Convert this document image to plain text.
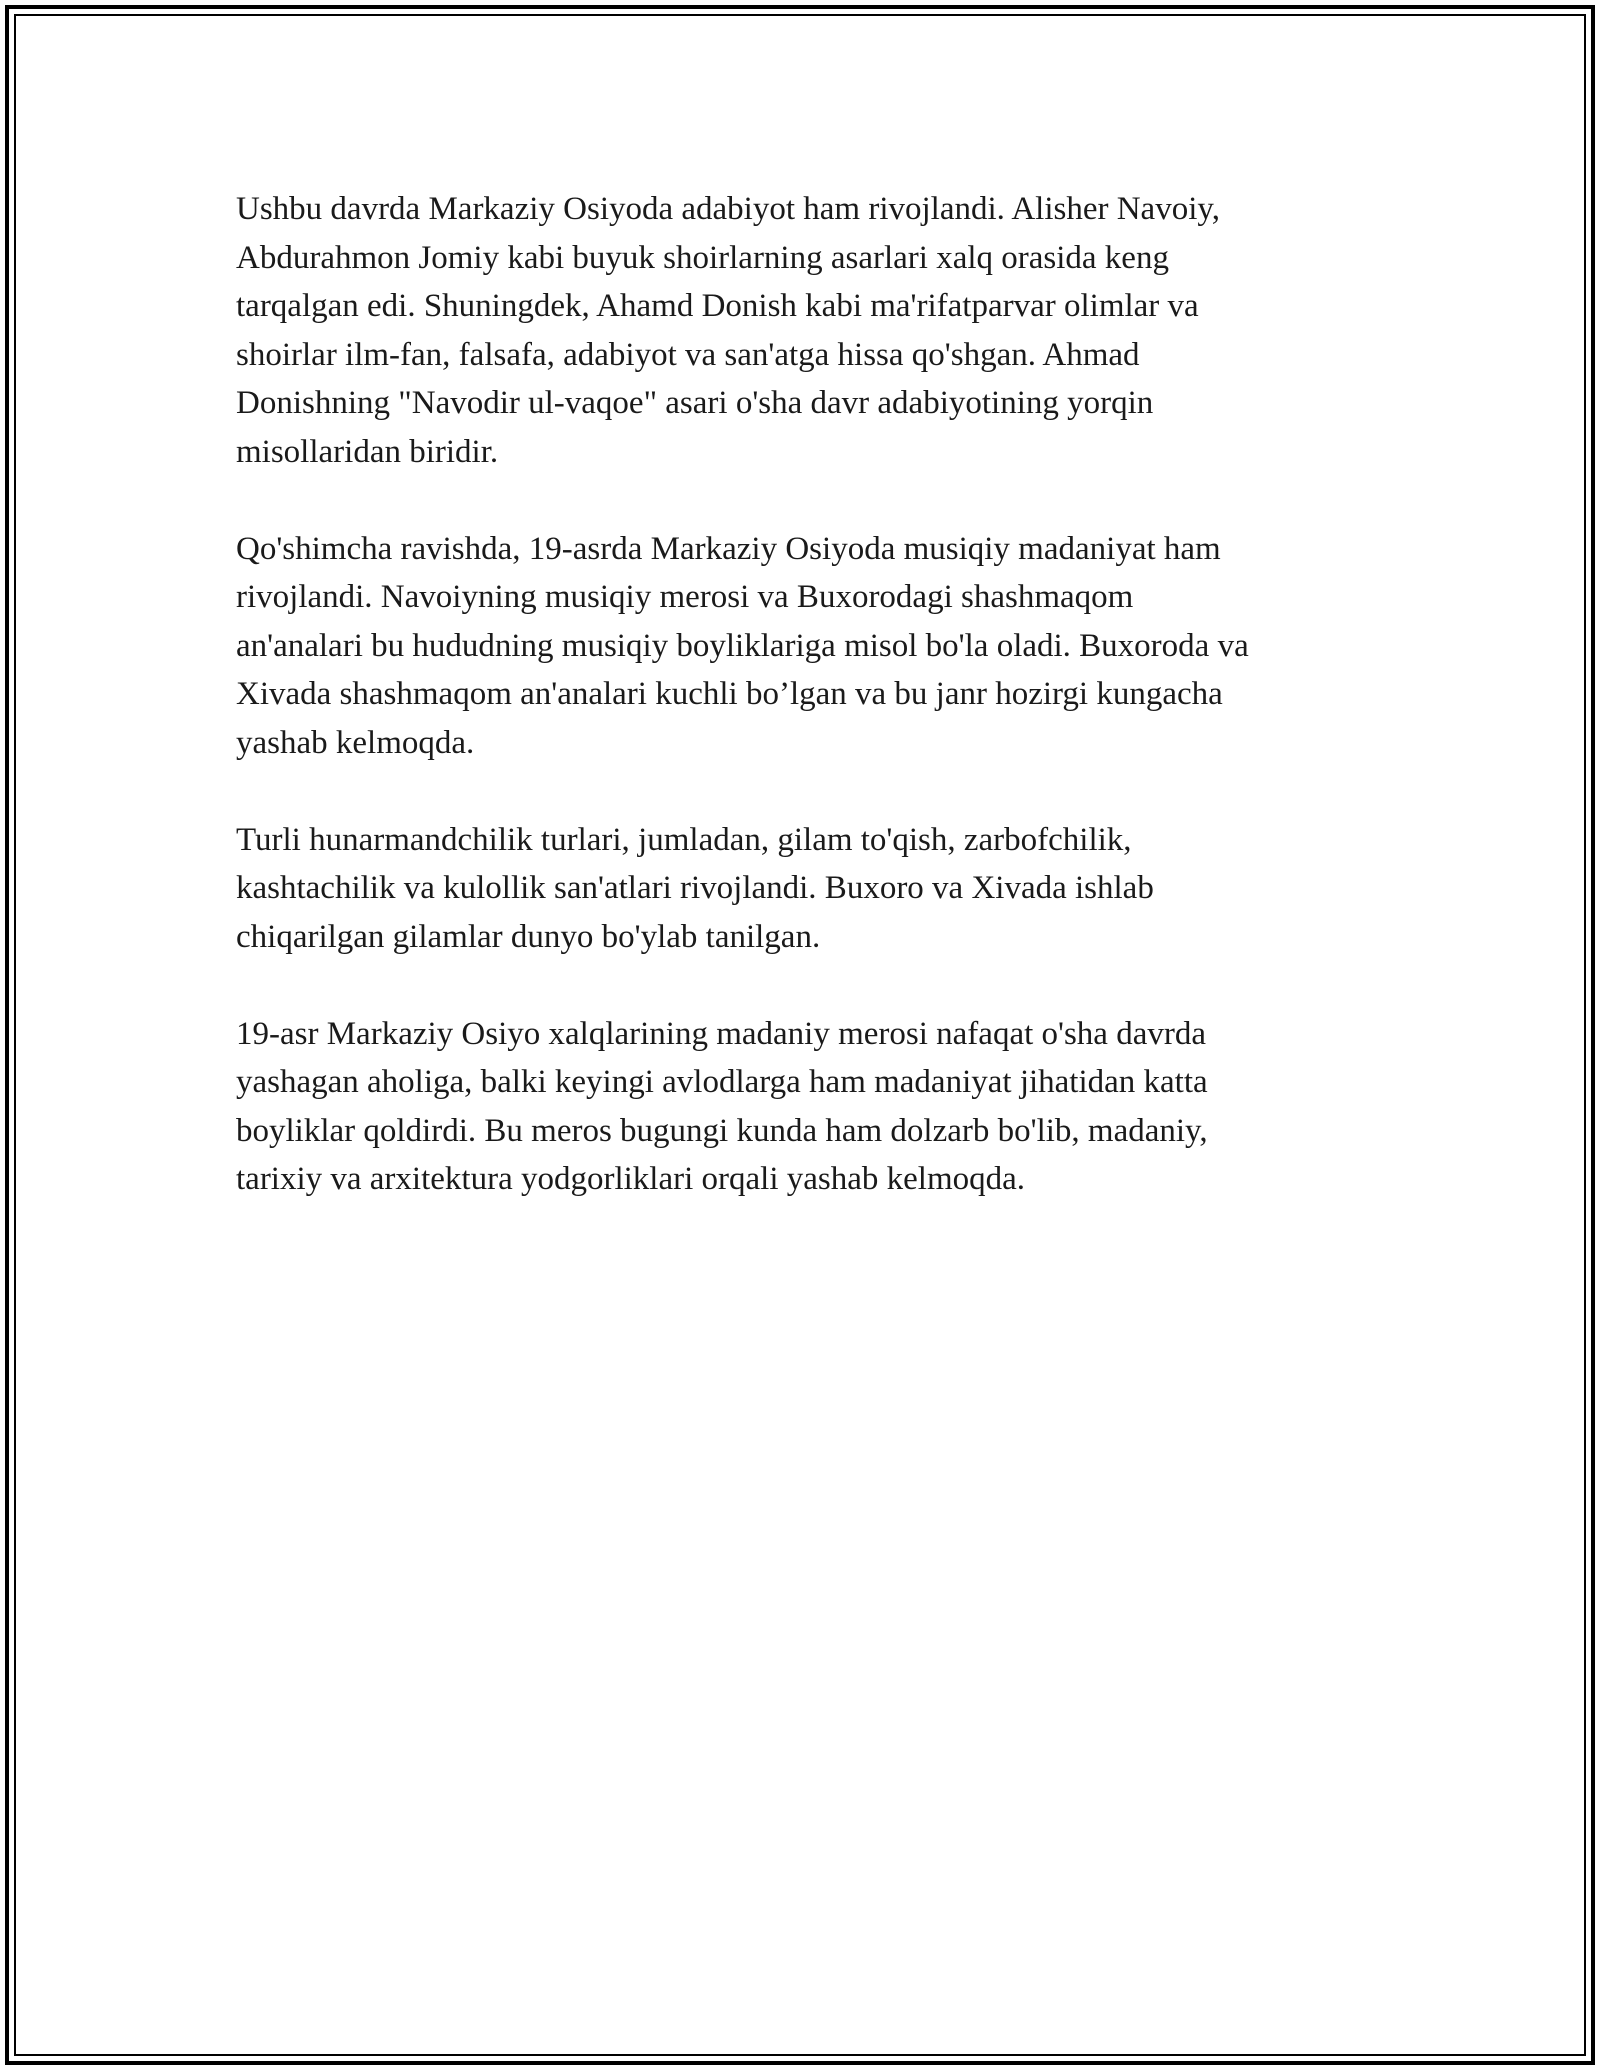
Ushbu davrda Markaziy Osiyoda adabiyot ham rivojlandi. Alisher Navoiy,
Abdurahmon Jomiy kabi buyuk shoirlarning asarlari xalq orasida keng
tarqalgan edi. Shuningdek, Ahamd Donish kabi ma'rifatparvar olimlar va
shoirlar ilm-fan, falsafa, adabiyot va san'atga hissa qo'shgan. Ahmad
Donishning "Navodir ul-vaqoe" asari o'sha davr adabiyotining yorqin
misollaridan biridir.

Qo'shimcha ravishda, 19-asrda Markaziy Osiyoda musiqiy madaniyat ham
rivojlandi. Navoiyning musiqiy merosi va Buxorodagi shashmaqom
an'analari bu hududning musiqiy boyliklariga misol bo'la oladi. Buxoroda va
Xivada shashmaqom an'analari kuchli bo’lgan va bu janr hozirgi kungacha
yashab kelmoqda.

Turli hunarmandchilik turlari, jumladan, gilam to'qish, zarbofchilik,
kashtachilik va kulollik san'atlari rivojlandi. Buxoro va Xivada ishlab
chiqarilgan gilamlar dunyo bo'ylab tanilgan.

19-asr Markaziy Osiyo xalqlarining madaniy merosi nafaqat o'sha davrda
yashagan aholiga, balki keyingi avlodlarga ham madaniyat jihatidan katta
boyliklar qoldirdi. Bu meros bugungi kunda ham dolzarb bo'lib, madaniy,
tarixiy va arxitektura yodgorliklari orqali yashab kelmoqda.
